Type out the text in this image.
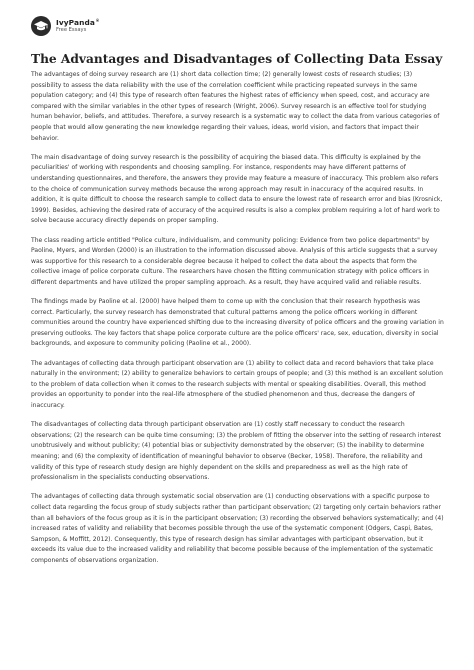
IvyPanda®
Free Essays
The Advantages and Disadvantages of Collecting Data Essay

The advantages of doing survey research are (1) short data collection time; (2) generally lowest costs of research studies; (3) possibility to assess the data reliability with the use of the correlation coefficient while practicing repeated surveys in the same population category; and (4) this type of research often features the highest rates of efficiency when speed, cost, and accuracy are compared with the similar variables in the other types of research (Wright, 2006). Survey research is an effective tool for studying human behavior, beliefs, and attitudes. Therefore, a survey research is a systematic way to collect the data from various categories of people that would allow generating the new knowledge regarding their values, ideas, world vision, and factors that impact their behavior.

The main disadvantage of doing survey research is the possibility of acquiring the biased data. This difficulty is explained by the peculiarities' of working with respondents and choosing sampling. For instance, respondents may have different patterns of understanding questionnaires, and therefore, the answers they provide may feature a measure of inaccuracy. This problem also refers to the choice of communication survey methods because the wrong approach may result in inaccuracy of the acquired results. In addition, it is quite difficult to choose the research sample to collect data to ensure the lowest rate of research error and bias (Krosnick, 1999). Besides, achieving the desired rate of accuracy of the acquired results is also a complex problem requiring a lot of hard work to solve because accuracy directly depends on proper sampling.

The class reading article entitled "Police culture, individualism, and community policing: Evidence from two police departments" by Paoline, Myers, and Worden (2000) is an illustration to the information discussed above. Analysis of this article suggests that a survey was supportive for this research to a considerable degree because it helped to collect the data about the aspects that form the collective image of police corporate culture. The researchers have chosen the fitting communication strategy with police officers in different departments and have utilized the proper sampling approach. As a result, they have acquired valid and reliable results.

The findings made by Paoline et al. (2000) have helped them to come up with the conclusion that their research hypothesis was correct. Particularly, the survey research has demonstrated that cultural patterns among the police officers working in different communities around the country have experienced shifting due to the increasing diversity of police officers and the growing variation in preserving outlooks. The key factors that shape police corporate culture are the police officers' race, sex, education, diversity in social backgrounds, and exposure to community policing (Paoline et al., 2000).

The advantages of collecting data through participant observation are (1) ability to collect data and record behaviors that take place naturally in the environment; (2) ability to generalize behaviors to certain groups of people; and (3) this method is an excellent solution to the problem of data collection when it comes to the research subjects with mental or speaking disabilities. Overall, this method provides an opportunity to ponder into the real-life atmosphere of the studied phenomenon and thus, decrease the dangers of inaccuracy.

The disadvantages of collecting data through participant observation are (1) costly staff necessary to conduct the research observations; (2) the research can be quite time consuming; (3) the problem of fitting the observer into the setting of research interest unobtrusively and without publicity; (4) potential bias or subjectivity demonstrated by the observer; (5) the inability to determine meaning; and (6) the complexity of identification of meaningful behavior to observe (Becker, 1958). Therefore, the reliability and validity of this type of research study design are highly dependent on the skills and preparedness as well as the high rate of professionalism in the specialists conducting observations.

The advantages of collecting data through systematic social observation are (1) conducting observations with a specific purpose to collect data regarding the focus group of study subjects rather than participant observation; (2) targeting only certain behaviors rather than all behaviors of the focus group as it is in the participant observation; (3) recording the observed behaviors systematically; and (4) increased rates of validity and reliability that becomes possible through the use of the systematic component (Odgers, Caspi, Bates, Sampson, & Moffitt, 2012). Consequently, this type of research design has similar advantages with participant observation, but it exceeds its value due to the increased validity and reliability that become possible because of the implementation of the systematic components of observations organization.
